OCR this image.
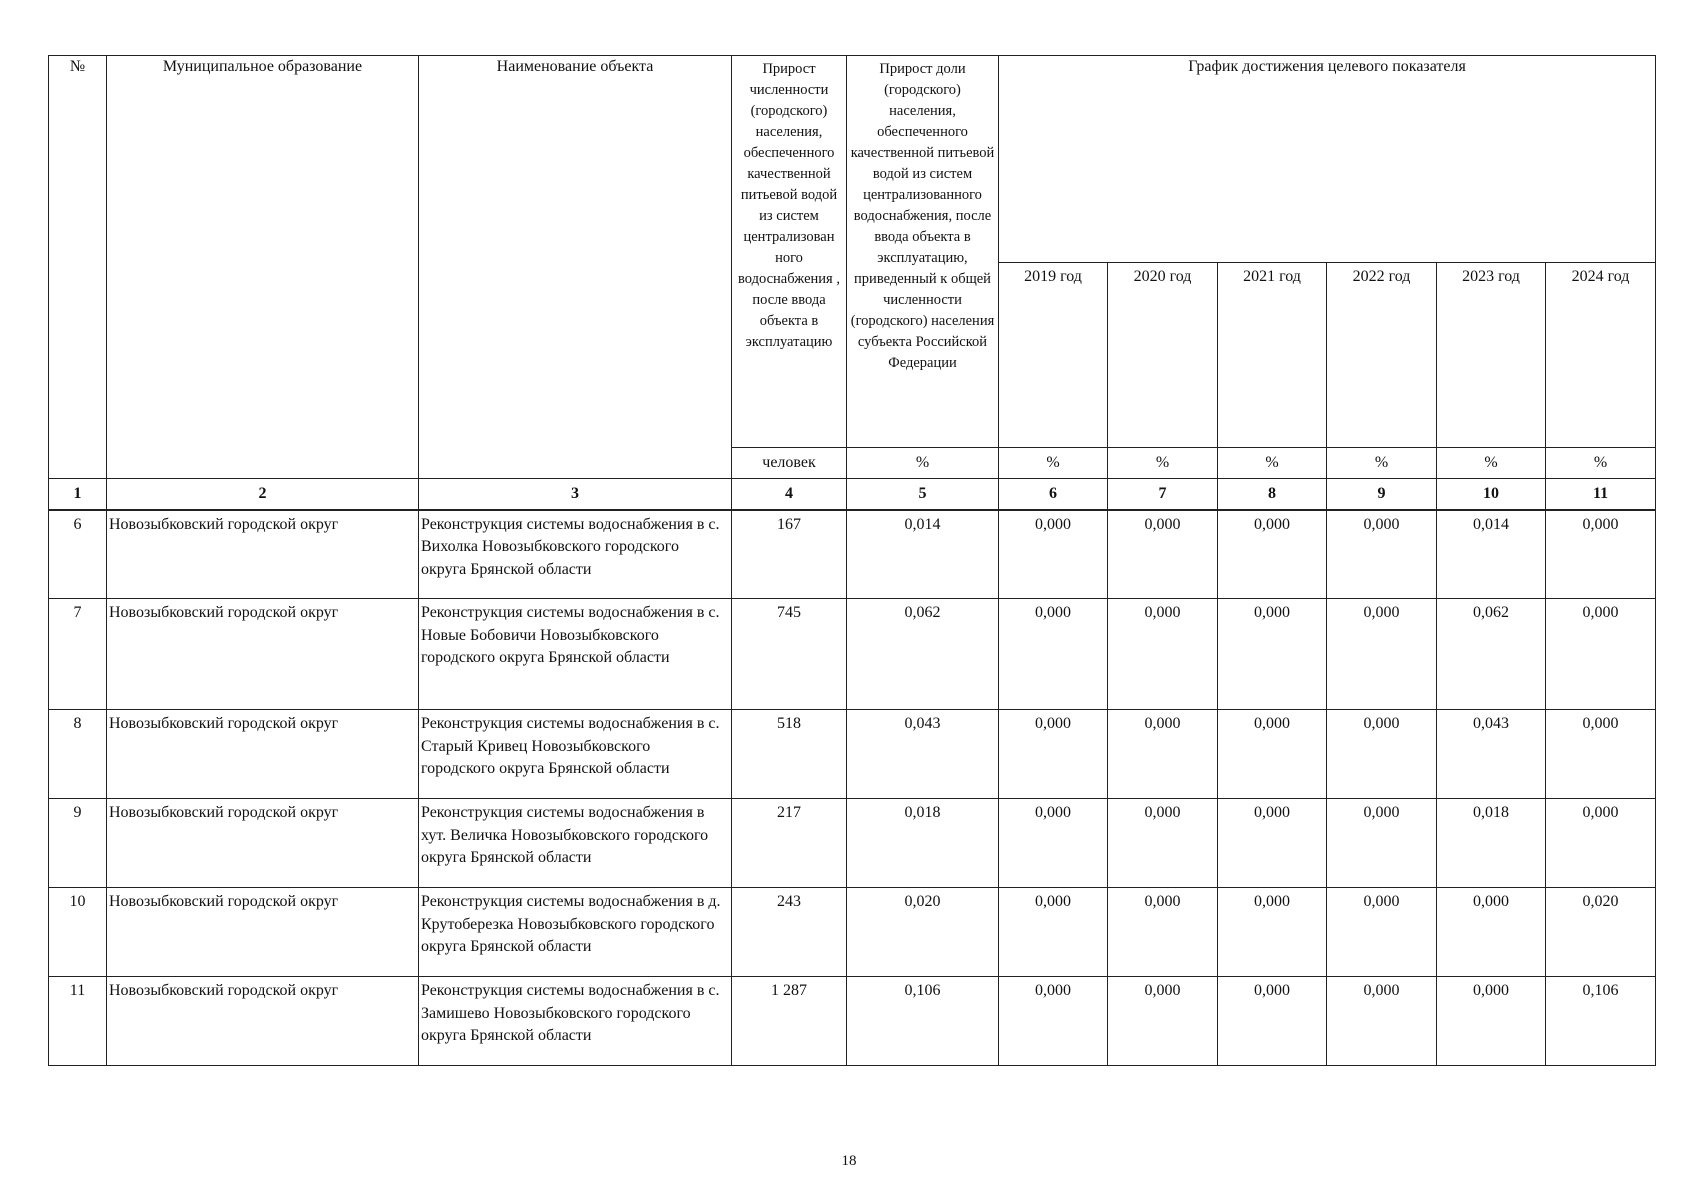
№	Муниципальное образование	Наименование объекта	Прирост численности (городского) населения, обеспеченного качественной питьевой водой из систем централизован ного водоснабжения , после ввода объекта в эксплуатацию	Прирост доли (городского) населения, обеспеченного качественной питьевой водой из систем централизованного водоснабжения, после ввода объекта в эксплуатацию, приведенный к общей численности (городского) населения субъекта Российской Федерации	График достижения целевого показателя					
					2019 год	2020 год	2021 год	2022 год	2023 год	2024 год
			человек	%	%	%	%	%	%	%
1	2	3	4	5	6	7	8	9	10	11
6	Новозыбковский городской округ	Реконструкция системы водоснабжения в с. Вихолка Новозыбковского городского округа Брянской области	167	0,014	0,000	0,000	0,000	0,000	0,014	0,000
7	Новозыбковский городской округ	Реконструкция системы водоснабжения в с. Новые Бобовичи Новозыбковского городского округа Брянской области	745	0,062	0,000	0,000	0,000	0,000	0,062	0,000
8	Новозыбковский городской округ	Реконструкция системы водоснабжения в с. Старый Кривец Новозыбковского городского округа Брянской области	518	0,043	0,000	0,000	0,000	0,000	0,043	0,000
9	Новозыбковский городской округ	Реконструкция системы водоснабжения в хут. Величка Новозыбковского городского округа Брянской области	217	0,018	0,000	0,000	0,000	0,000	0,018	0,000
10	Новозыбковский городской округ	Реконструкция системы водоснабжения в д. Крутоберезка Новозыбковского городского округа Брянской области	243	0,020	0,000	0,000	0,000	0,000	0,000	0,020
11	Новозыбковский городской округ	Реконструкция системы водоснабжения в с. Замишево Новозыбковского городского округа Брянской области	1 287	0,106	0,000	0,000	0,000	0,000	0,000	0,106
18
